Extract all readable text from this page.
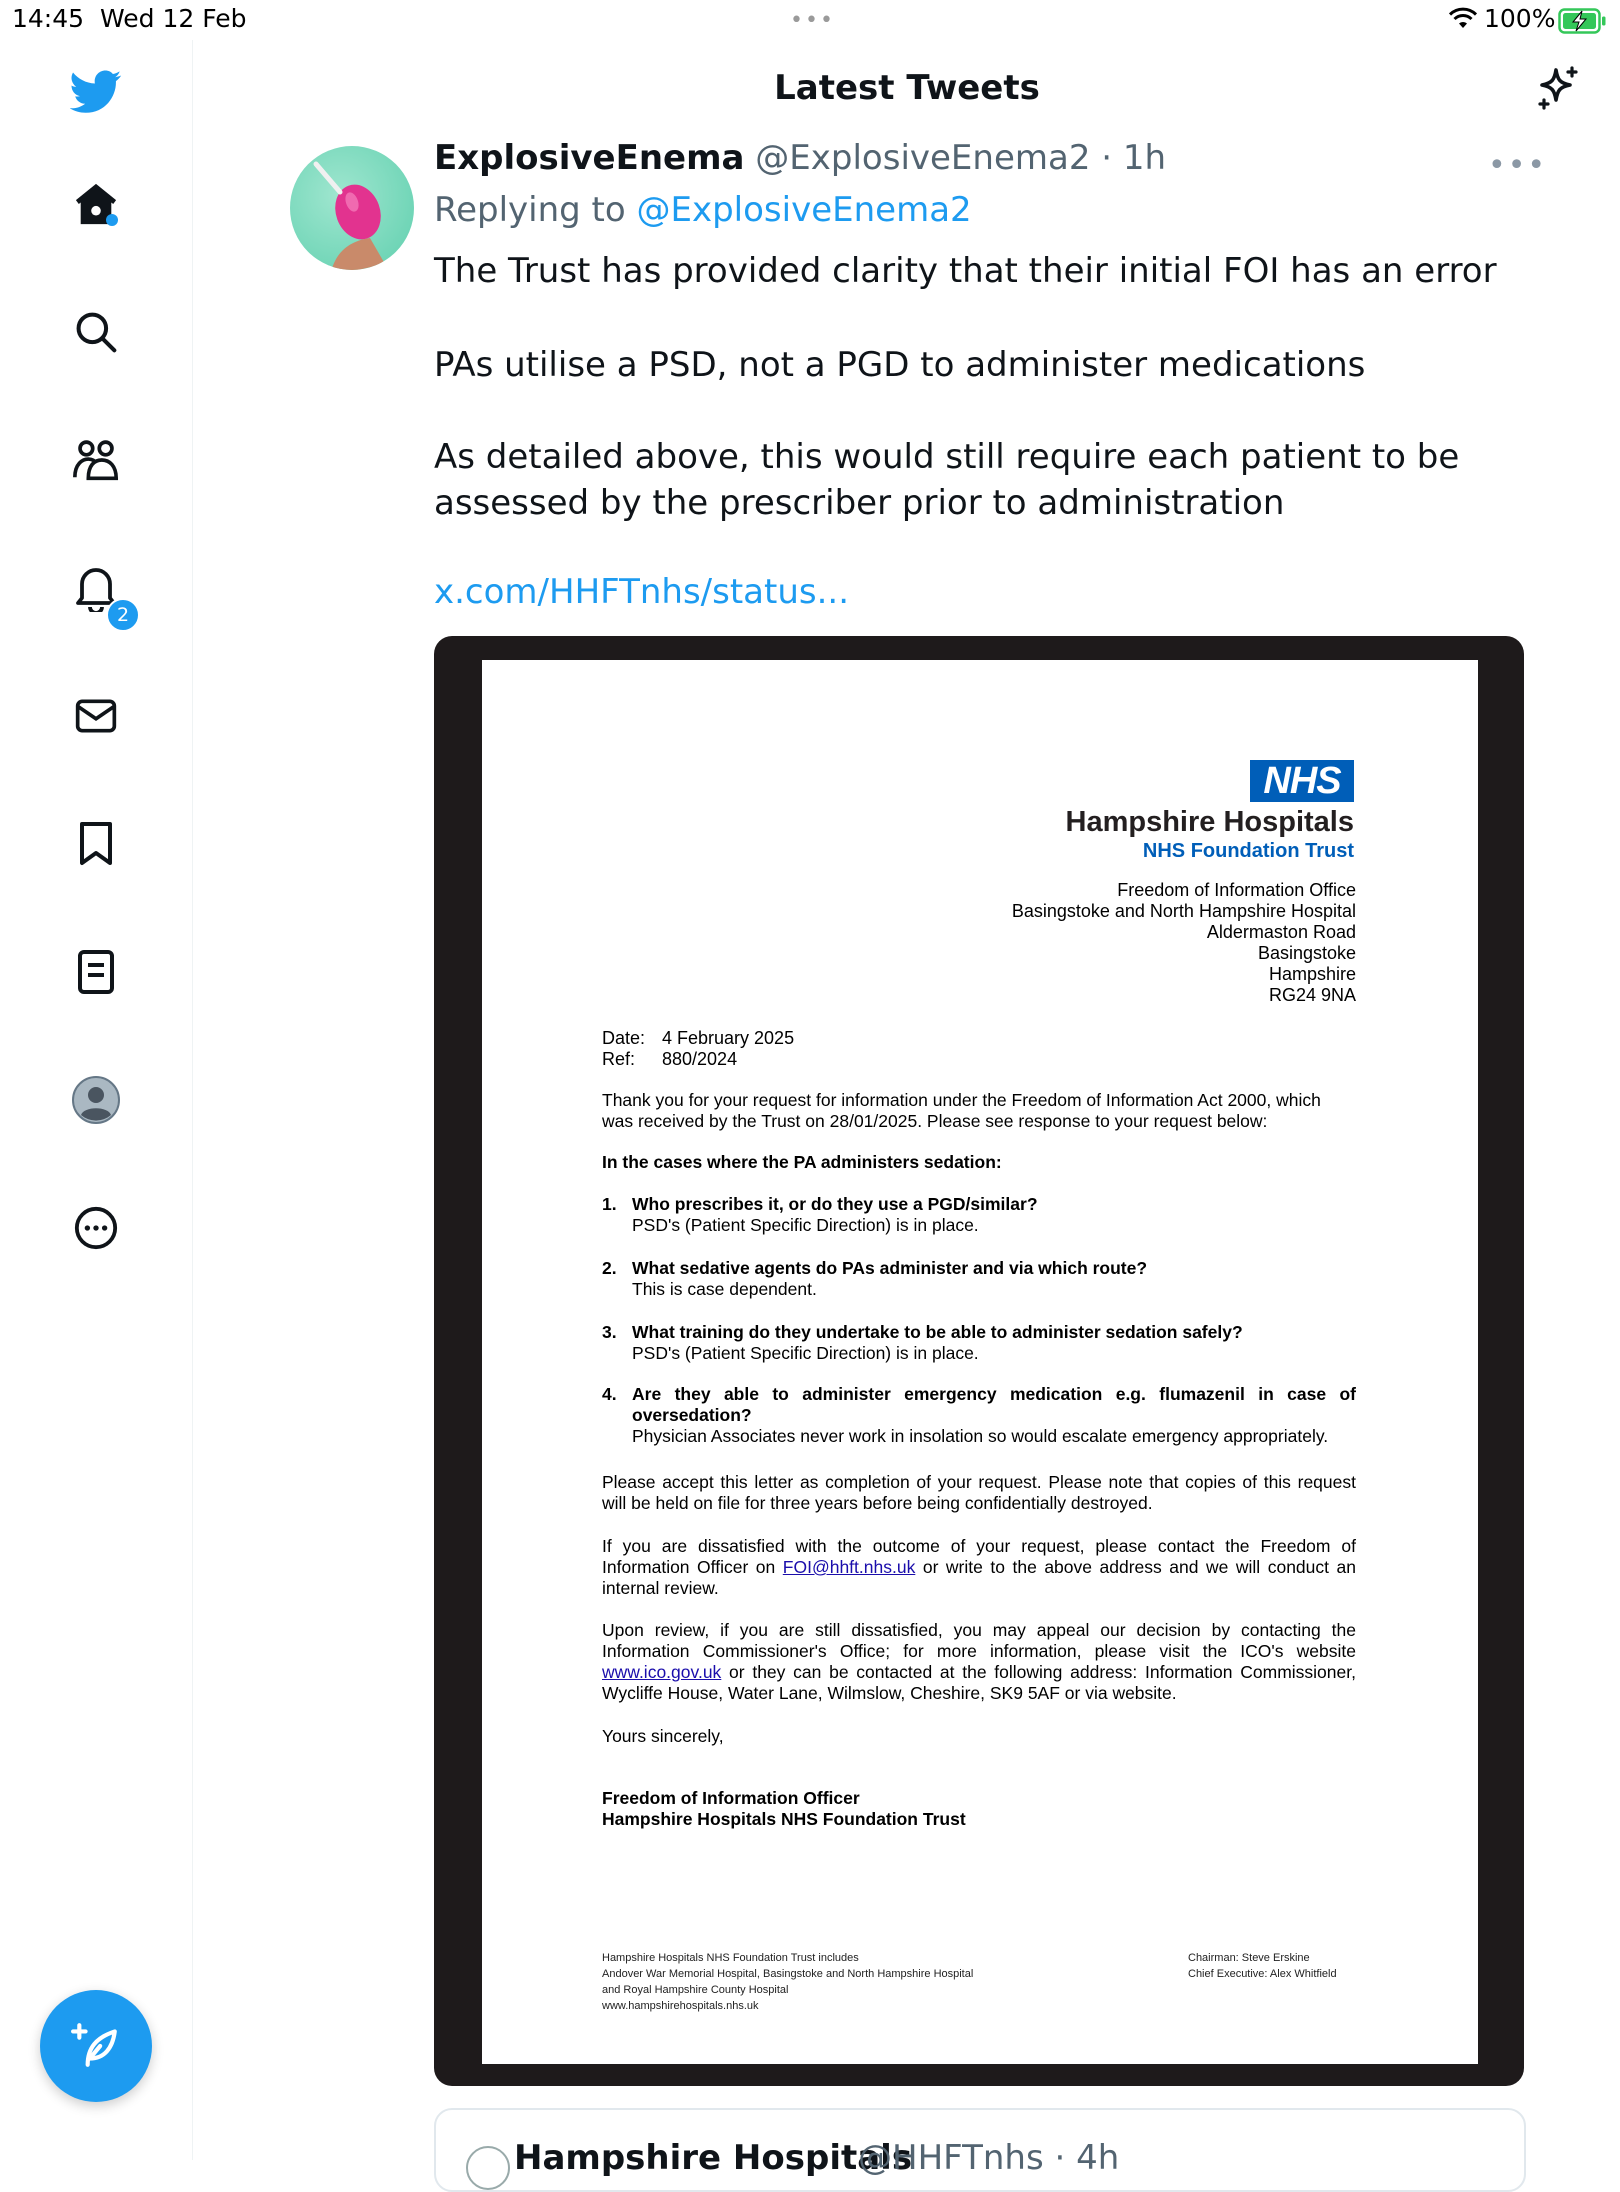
14:45 Wed 12 Feb	•••	100%
2
Latest Tweets
ExplosiveEnema @ExplosiveEnema2 · 1h	•••
Replying to @ExplosiveEnema2
The Trust has provided clarity that their initial FOI has an error
PAs utilise a PSD, not a PGD to administer medications
As detailed above, this would still require each patient to be assessed by the prescriber prior to administration
x.com/HHFTnhs/status...
NHS
Hampshire Hospitals
NHS Foundation Trust
Freedom of Information Office
Basingstoke and North Hampshire Hospital
Aldermaston Road
Basingstoke
Hampshire
RG24 9NA
Date: 4 February 2025
Ref: 880/2024
Thank you for your request for information under the Freedom of Information Act 2000, which was received by the Trust on 28/01/2025. Please see response to your request below:
In the cases where the PA administers sedation:
1. Who prescribes it, or do they use a PGD/similar?
PSD's (Patient Specific Direction) is in place.
2. What sedative agents do PAs administer and via which route?
This is case dependent.
3. What training do they undertake to be able to administer sedation safely?
PSD's (Patient Specific Direction) is in place.
4. Are they able to administer emergency medication e.g. flumazenil in case of oversedation?
Physician Associates never work in insolation so would escalate emergency appropriately.
Please accept this letter as completion of your request. Please note that copies of this request will be held on file for three years before being confidentially destroyed.
If you are dissatisfied with the outcome of your request, please contact the Freedom of Information Officer on FOI@hhft.nhs.uk or write to the above address and we will conduct an internal review.
Upon review, if you are still dissatisfied, you may appeal our decision by contacting the Information Commissioner's Office; for more information, please visit the ICO's website www.ico.gov.uk or they can be contacted at the following address: Information Commissioner, Wycliffe House, Water Lane, Wilmslow, Cheshire, SK9 5AF or via website.
Yours sincerely,
Freedom of Information Officer
Hampshire Hospitals NHS Foundation Trust
Hampshire Hospitals NHS Foundation Trust includes
Andover War Memorial Hospital, Basingstoke and North Hampshire Hospital
and Royal Hampshire County Hospital
www.hampshirehospitals.nhs.uk
Chairman: Steve Erskine
Chief Executive: Alex Whitfield
Hampshire Hospitals
@HHFTnhs · 4h
